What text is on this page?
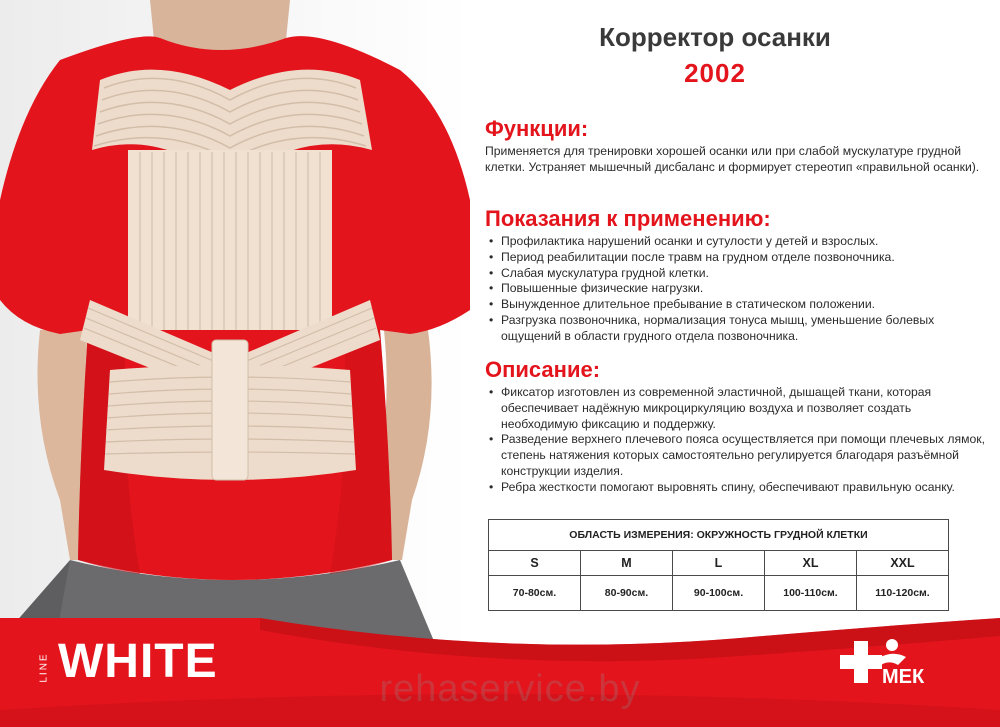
Корректор осанки
2002
Функции:

Применяется для тренировки хорошей осанки или при слабой мускулатуре грудной клетки. Устраняет мышечный дисбаланс и формирует стереотип «правильной осанки).

Показания к применению:
• Профилактика нарушений осанки и сутулости у детей и взрослых.
• Период реабилитации после травм на грудном отделе позвоночника.
• Слабая мускулатура грудной клетки.
• Повышенные физические нагрузки.
• Вынужденное длительное пребывание в статическом положении.
• Разгрузка позвоночника, нормализация тонуса мышц, уменьшение болевых ощущений в области грудного отдела позвоночника.
Описание:
• Фиксатор изготовлен из современной эластичной, дышащей ткани, которая обеспечивает надёжную микроциркуляцию воздуха и позволяет создать необходимую фиксацию и поддержку.
• Разведение верхнего плечевого пояса осуществляется при помощи плечевых лямок, степень натяжения которых самостоятельно регулируется благодаря разъёмной конструкции изделия.
• Ребра жесткости помогают выровнять спину, обеспечивают правильную осанку.
ОБЛАСТЬ ИЗМЕРЕНИЯ: ОКРУЖНОСТЬ ГРУДНОЙ КЛЕТКИ
S	M	L	XL	XXL
70-80см.	80-90см.	90-100см.	100-110см.	110-120см.
LINE WHITE
rehaservice.by	МЕК
